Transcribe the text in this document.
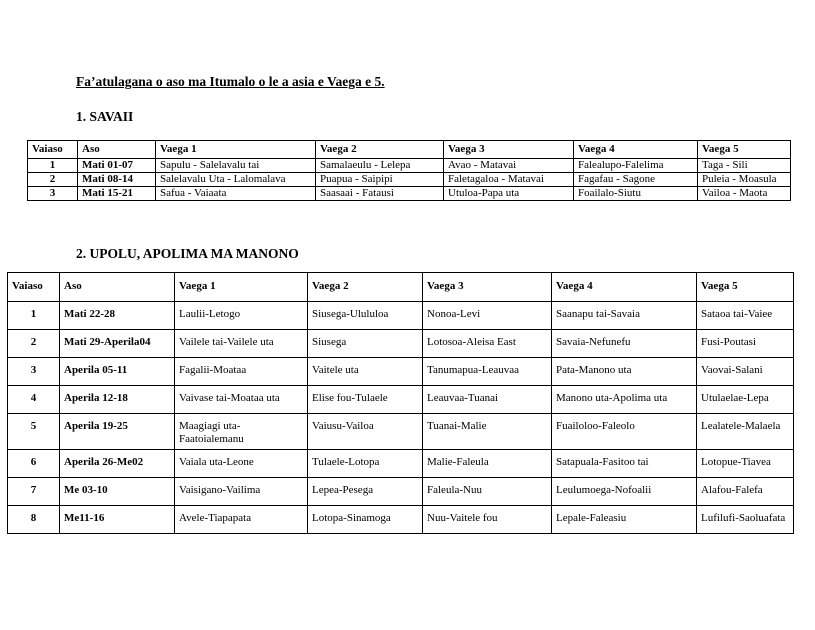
Fa’atulagana o aso ma Itumalo o le a asia e Vaega e 5.
1. SAVAII
Vaiaso	Aso	Vaega 1	Vaega 2	Vaega 3	Vaega 4	Vaega 5
1	Mati 01-07	Sapulu - Salelavalu tai	Samalaeulu - Lelepa	Avao - Matavai	Falealupo-Falelima	Taga - Sili
2	Mati 08-14	Salelavalu Uta - Lalomalava	Puapua - Saipipi	Faletagaloa - Matavai	Fagafau - Sagone	Puleia - Moasula
3	Mati 15-21	Safua - Vaiaata	Saasaai - Fatausi	Utuloa-Papa uta	Foailalo-Siutu	Vailoa - Maota
2. UPOLU, APOLIMA MA MANONO
Vaiaso	Aso	Vaega 1	Vaega 2	Vaega 3	Vaega 4	Vaega 5
1	Mati 22-28	Laulii-Letogo	Siusega-Ulululoa	Nonoa-Levi	Saanapu tai-Savaia	Sataoa tai-Vaiee
2	Mati 29-Aperila04	Vailele tai-Vailele uta	Siusega	Lotosoa-Aleisa East	Savaia-Nefunefu	Fusi-Poutasi
3	Aperila 05-11	Fagalii-Moataa	Vaitele uta	Tanumapua-Leauvaa	Pata-Manono uta	Vaovai-Salani
4	Aperila 12-18	Vaivase tai-Moataa uta	Elise fou-Tulaele	Leauvaa-Tuanai	Manono uta-Apolima uta	Utulaelae-Lepa
5	Aperila 19-25	Maagiagi uta-Faatoialemanu	Vaiusu-Vailoa	Tuanai-Malie	Fuailoloo-Faleolo	Lealatele-Malaela
6	Aperila 26-Me02	Vaiala uta-Leone	Tulaele-Lotopa	Malie-Faleula	Satapuala-Fasitoo tai	Lotopue-Tiavea
7	Me 03-10	Vaisigano-Vailima	Lepea-Pesega	Faleula-Nuu	Leulumoega-Nofoalii	Alafou-Falefa
8	Me11-16	Avele-Tiapapata	Lotopa-Sinamoga	Nuu-Vaitele fou	Lepale-Faleasiu	Lufilufi-Saoluafata
